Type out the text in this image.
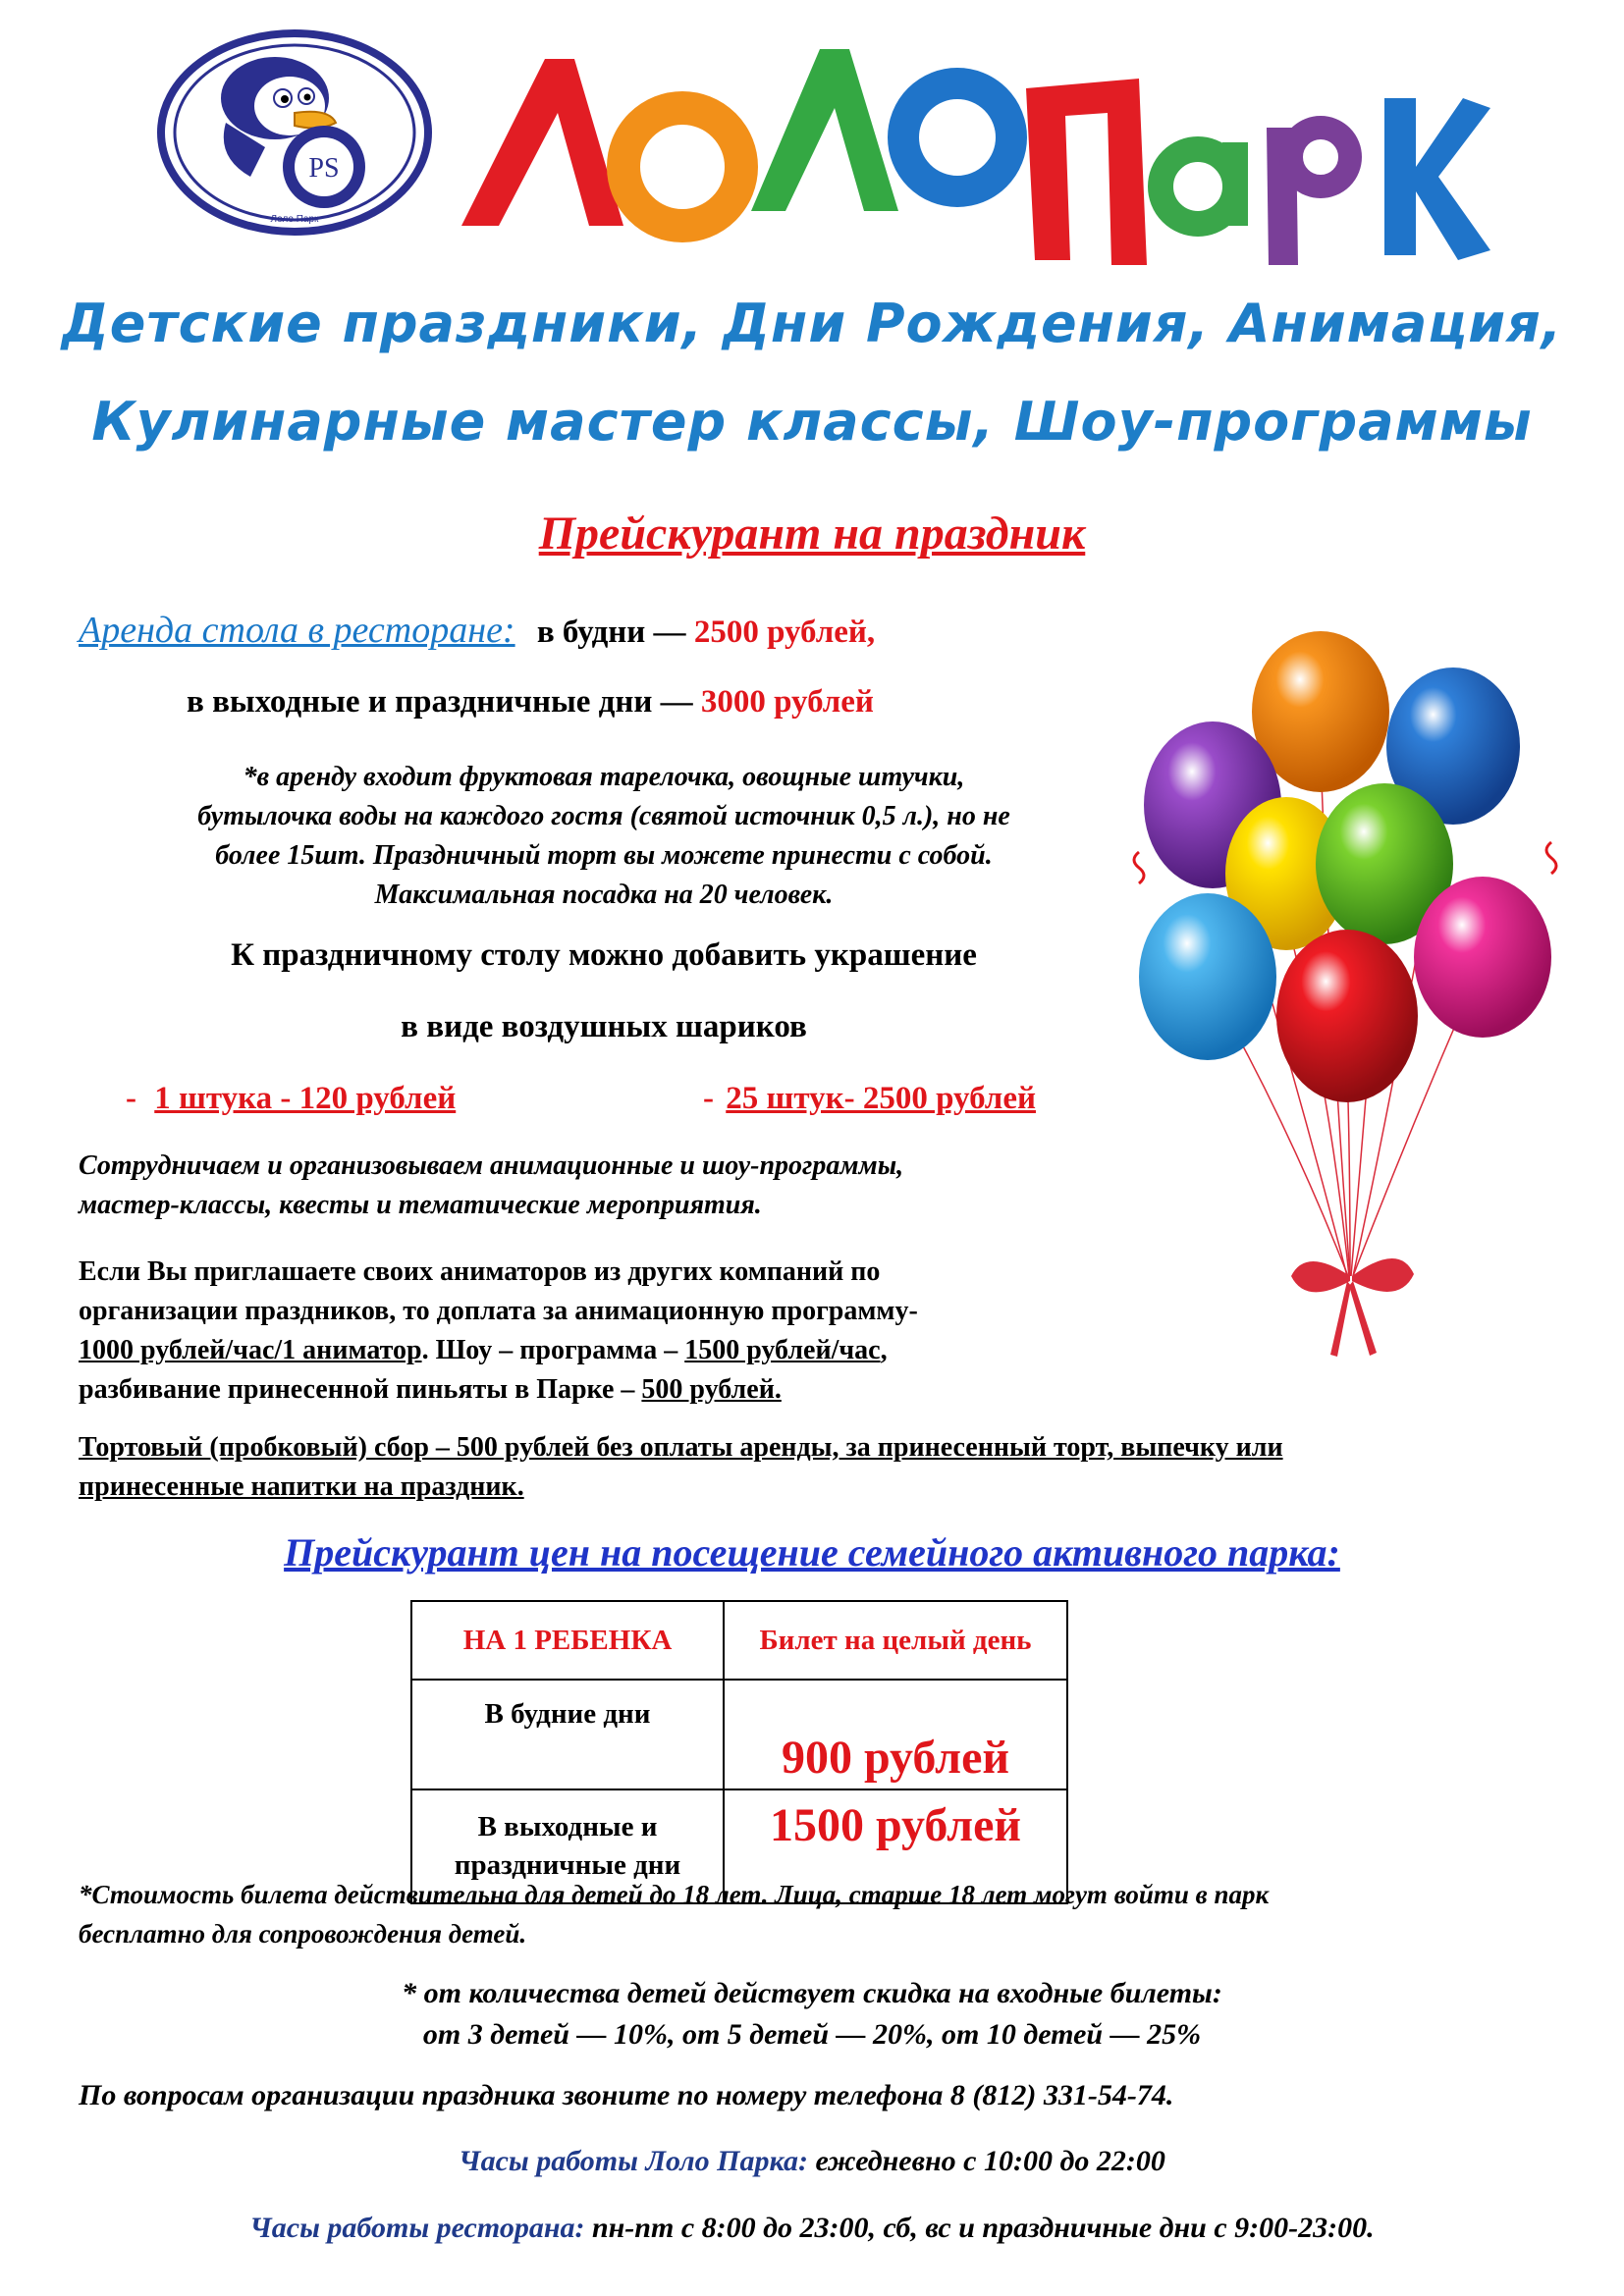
PS
Лоло Парк
Детские праздники, Дни Рождения, Анимация,
Кулинарные мастер классы, Шоу-программы
Прейскурант на праздник
Аренда стола в ресторане: в будни — 2500 рублей,
в выходные и праздничные дни — 3000 рублей
*в аренду входит фруктовая тарелочка, овощные штучки,
бутылочка воды на каждого гостя (святой источник 0,5 л.), но не
более 15шт. Праздничный торт вы можете принести с собой.
Максимальная посадка на 20 человек.
К праздничному столу можно добавить украшение
в виде воздушных шариков
- 1 штука - 120 рублей	- 25 штук- 2500 рублей
Сотрудничаем и организовываем анимационные и шоу-программы,
мастер-классы, квесты и тематические мероприятия.
Если Вы приглашаете своих аниматоров из других компаний по
организации праздников, то доплата за анимационную программу-
1000 рублей/час/1 аниматор. Шоу – программа – 1500 рублей/час,
разбивание принесенной пиньяты в Парке – 500 рублей.
Тортовый (пробковый) сбор – 500 рублей без оплаты аренды, за принесенный торт, выпечку или
принесенные напитки на праздник.
Прейскурант цен на посещение семейного активного парка:
НА 1 РЕБЕНКА	Билет на целый день
В будние дни	900 рублей

В выходные и
праздничные дни	1500 рублей
*Стоимость билета действительна для детей до 18 лет. Лица, старше 18 лет могут войти в парк
бесплатно для сопровождения детей.
* от количества детей действует скидка на входные билеты:
от 3 детей — 10%, от 5 детей — 20%, от 10 детей — 25%
По вопросам организации праздника звоните по номеру телефона 8 (812) 331-54-74.
Часы работы Лоло Парка: ежедневно с 10:00 до 22:00
Часы работы ресторана: пн-пт с 8:00 до 23:00, сб, вс и праздничные дни с 9:00-23:00.
